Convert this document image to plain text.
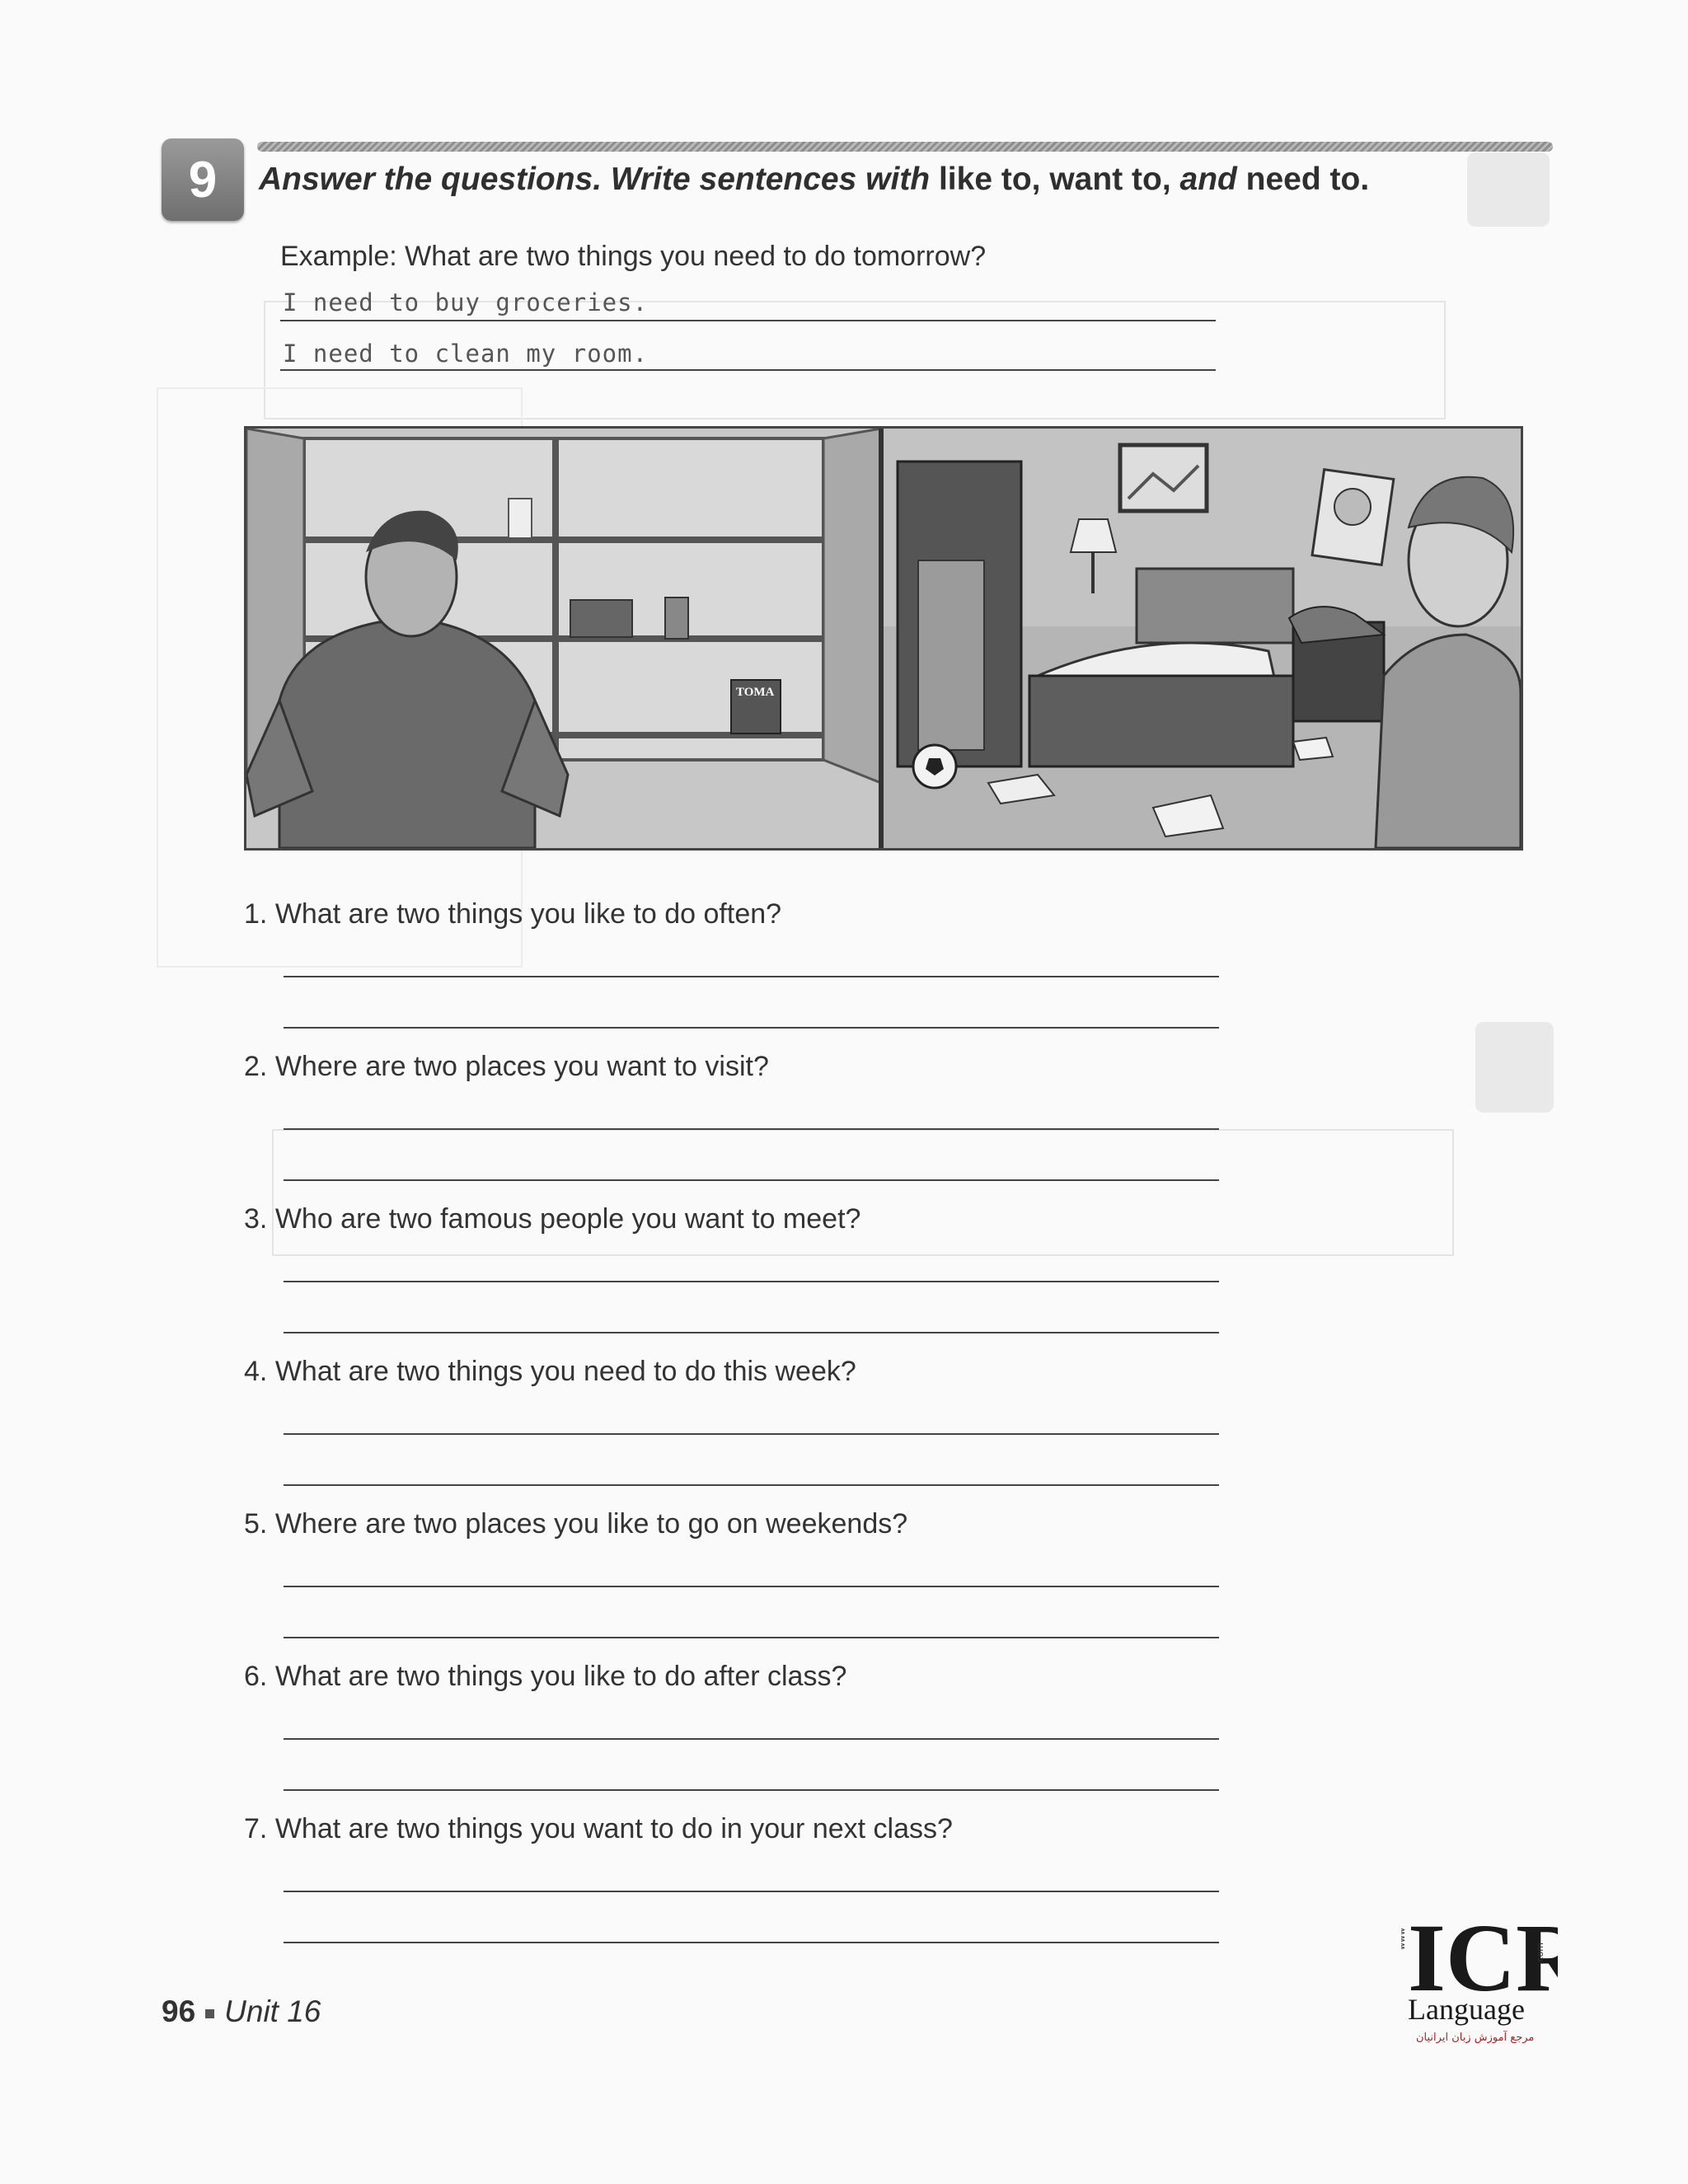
9	Answer the questions. Write sentences with like to, want to, and need to.
Example: What are two things you need to do tomorrow?
I need to buy groceries.
I need to clean my room.
TOMA
1. What are two things you like to do often?
2. Where are two places you want to visit?
3. Who are two famous people you want to meet?
4. What are two things you need to do this week?
5. Where are two places you like to go on weekends?
6. What are two things you like to do after class?
7. What are two things you want to do in your next class?
96 Unit 16	ICR
Language
مرجع آموزش زبان ایرانیان
www
.com
